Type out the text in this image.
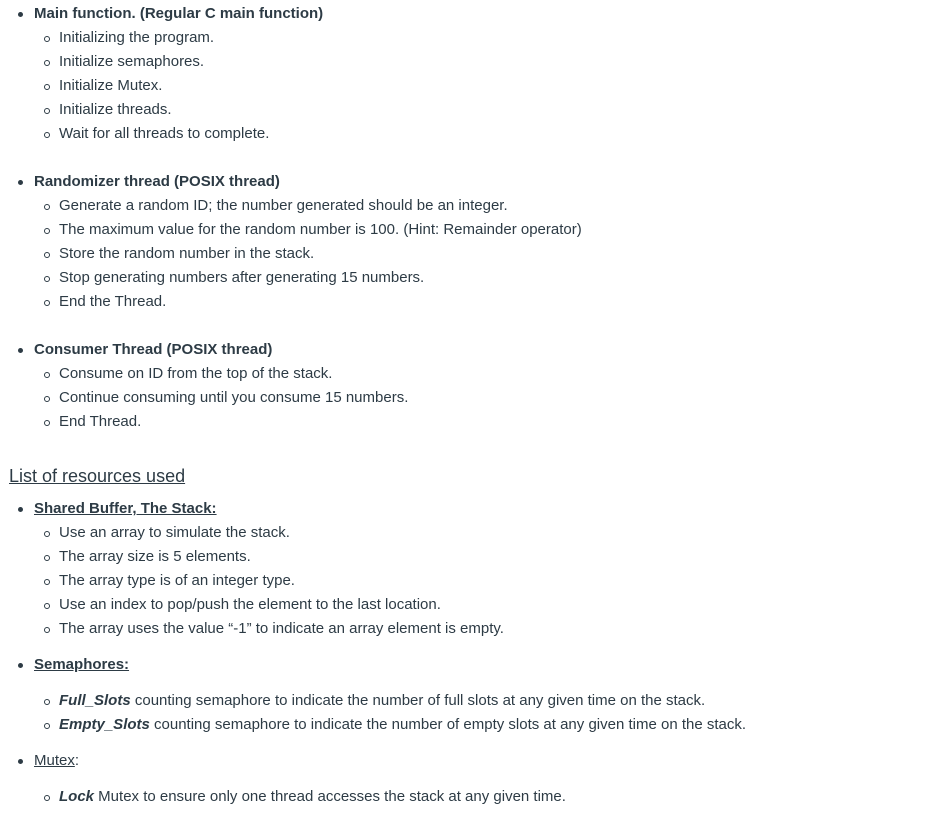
Main function. (Regular C main function)
Initializing the program.
Initialize semaphores.
Initialize Mutex.
Initialize threads.
Wait for all threads to complete.
Randomizer thread (POSIX thread)
Generate a random ID; the number generated should be an integer.
The maximum value for the random number is 100. (Hint: Remainder operator)
Store the random number in the stack.
Stop generating numbers after generating 15 numbers.
End the Thread.
Consumer Thread (POSIX thread)
Consume on ID from the top of the stack.
Continue consuming until you consume 15 numbers.
End Thread.
List of resources used
Shared Buffer, The Stack:
Use an array to simulate the stack.
The array size is 5 elements.
The array type is of an integer type.
Use an index to pop/push the element to the last location.
The array uses the value “-1” to indicate an array element is empty.
Semaphores:
Full_Slots counting semaphore to indicate the number of full slots at any given time on the stack.
Empty_Slots counting semaphore to indicate the number of empty slots at any given time on the stack.
Mutex:
Lock Mutex to ensure only one thread accesses the stack at any given time.
